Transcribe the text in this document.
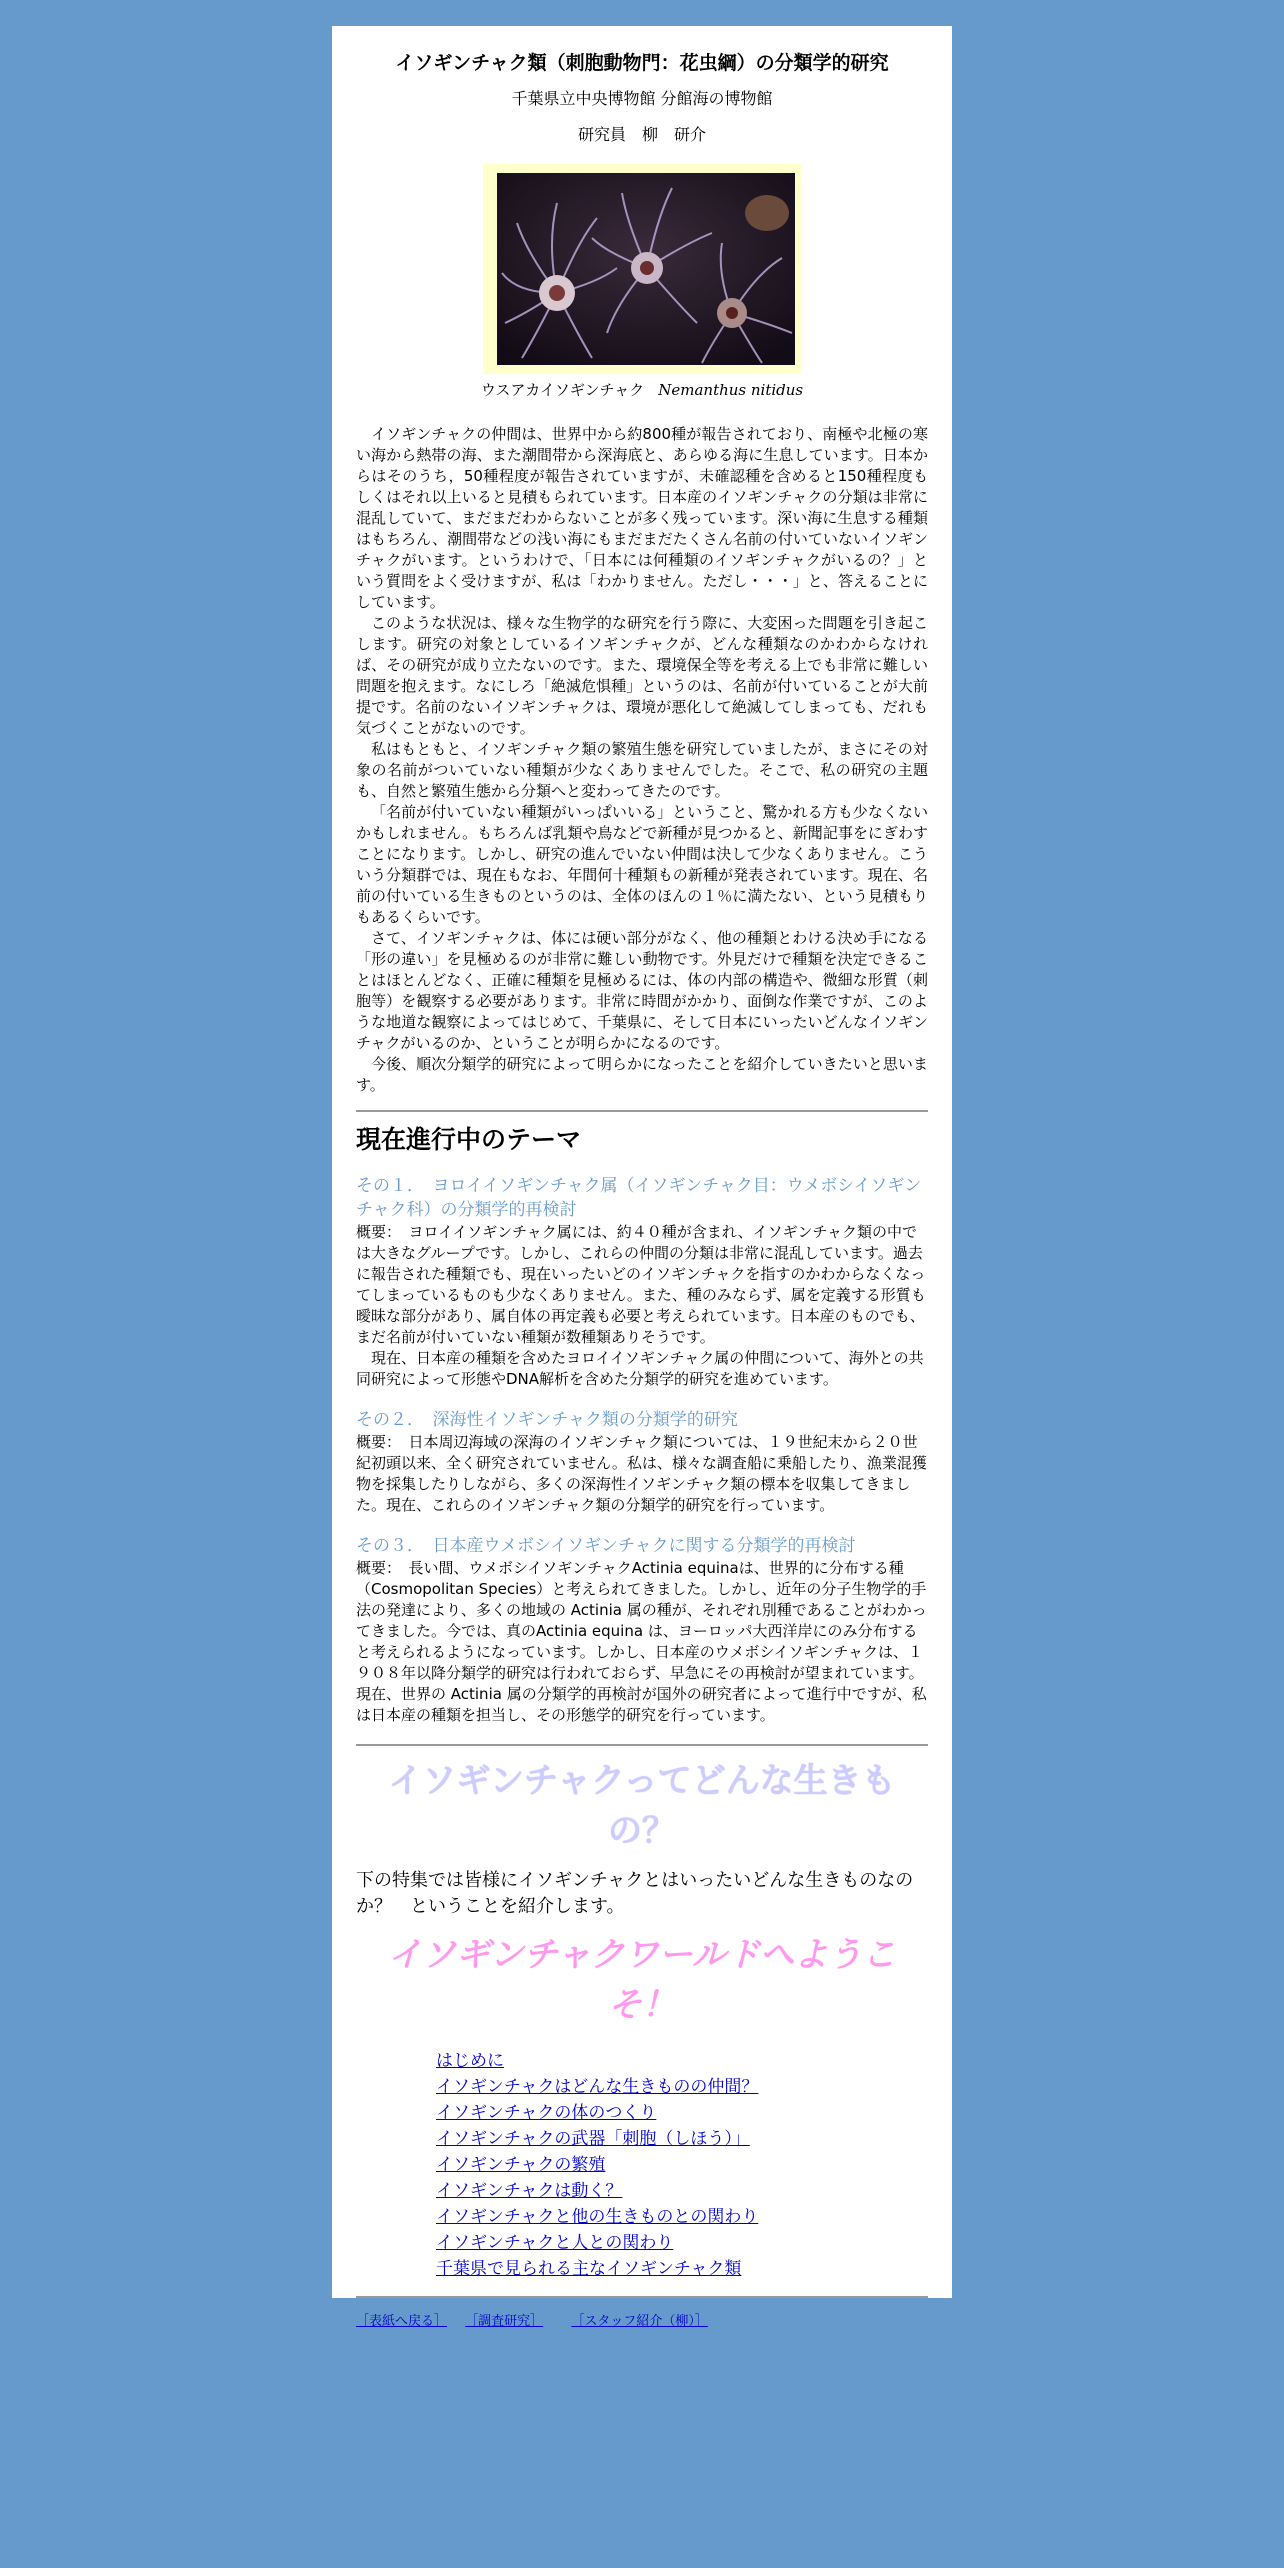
イソギンチャク類（刺胞動物門：花虫綱）の分類学的研究
千葉県立中央博物館 分館海の博物館
研究員　柳　研介
ウスアカイソギンチャク Nemanthus nitidus

イソギンチャクの仲間は、世界中から約800種が報告されており、南極や北極の寒い海から熱帯の海、また潮間帯から深海底と、あらゆる海に生息しています。日本からはそのうち，50種程度が報告されていますが、未確認種を含めると150種程度もしくはそれ以上いると見積もられています。日本産のイソギンチャクの分類は非常に混乱していて、まだまだわからないことが多く残っています。深い海に生息する種類はもちろん、潮間帯などの浅い海にもまだまだたくさん名前の付いていないイソギンチャクがいます。というわけで、「日本には何種類のイソギンチャクがいるの？」という質問をよく受けますが、私は「わかりません。ただし・・・」と、答えることにしています。

このような状況は、様々な生物学的な研究を行う際に、大変困った問題を引き起こします。研究の対象としているイソギンチャクが、どんな種類なのかわからなければ、その研究が成り立たないのです。また、環境保全等を考える上でも非常に難しい問題を抱えます。なにしろ「絶滅危惧種」というのは、名前が付いていることが大前提です。名前のないイソギンチャクは、環境が悪化して絶滅してしまっても、だれも気づくことがないのです。

私はもともと、イソギンチャク類の繁殖生態を研究していましたが、まさにその対象の名前がついていない種類が少なくありませんでした。そこで、私の研究の主題も、自然と繁殖生態から分類へと変わってきたのです。

「名前が付いていない種類がいっぱいいる」ということ、驚かれる方も少なくないかもしれません。もちろんば乳類や鳥などで新種が見つかると、新聞記事をにぎわすことになります。しかし、研究の進んでいない仲間は決して少なくありません。こういう分類群では、現在もなお、年間何十種類もの新種が発表されています。現在、名前の付いている生きものというのは、全体のほんの１％に満たない、という見積もりもあるくらいです。

さて、イソギンチャクは、体には硬い部分がなく、他の種類とわける決め手になる「形の違い」を見極めるのが非常に難しい動物です。外見だけで種類を決定できることはほとんどなく、正確に種類を見極めるには、体の内部の構造や、微細な形質（刺胞等）を観察する必要があります。非常に時間がかかり、面倒な作業ですが、このような地道な観察によってはじめて、千葉県に、そして日本にいったいどんなイソギンチャクがいるのか、ということが明らかになるのです。

今後、順次分類学的研究によって明らかになったことを紹介していきたいと思います。

現在進行中のテーマ
その１．　ヨロイイソギンチャク属（イソギンチャク目：ウメボシイソギンチャク科）の分類学的再検討
概要：　ヨロイイソギンチャク属には、約４０種が含まれ、イソギンチャク類の中では大きなグループです。しかし、これらの仲間の分類は非常に混乱しています。過去に報告された種類でも、現在いったいどのイソギンチャクを指すのかわからなくなってしまっているものも少なくありません。また、種のみならず、属を定義する形質も曖昧な部分があり、属自体の再定義も必要と考えられています。日本産のものでも、まだ名前が付いていない種類が数種類ありそうです。
　現在、日本産の種類を含めたヨロイイソギンチャク属の仲間について、海外との共同研究によって形態やDNA解析を含めた分類学的研究を進めています。
その２．　深海性イソギンチャク類の分類学的研究
概要：　日本周辺海域の深海のイソギンチャク類については、１９世紀末から２０世紀初頭以来、全く研究されていません。私は、様々な調査船に乗船したり、漁業混獲物を採集したりしながら、多くの深海性イソギンチャク類の標本を収集してきました。現在、これらのイソギンチャク類の分類学的研究を行っています。
その３．　日本産ウメボシイソギンチャクに関する分類学的再検討
概要：　長い間、ウメボシイソギンチャクActinia equinaは、世界的に分布する種（Cosmopolitan Species）と考えられてきました。しかし、近年の分子生物学的手法の発達により、多くの地域の Actinia 属の種が、それぞれ別種であることがわかってきました。今では、真のActinia equina は、ヨーロッパ大西洋岸にのみ分布すると考えられるようになっています。しかし、日本産のウメボシイソギンチャクは、１９０８年以降分類学的研究は行われておらず、早急にその再検討が望まれています。現在、世界の Actinia 属の分類学的再検討が国外の研究者によって進行中ですが、私は日本産の種類を担当し、その形態学的研究を行っています。
イソギンチャクってどんな生きもの？
下の特集では皆様にイソギンチャクとはいったいどんな生きものなのか？　ということを紹介します。
イソギンチャクワールドへようこそ！
はじめに
イソギンチャクはどんな生きものの仲間？
イソギンチャクの体のつくり
イソギンチャクの武器「刺胞（しほう）」
イソギンチャクの繁殖
イソギンチャクは動く？
イソギンチャクと他の生きものとの関わり
イソギンチャクと人との関わり
千葉県で見られる主なイソギンチャク類
［表紙へ戻る］ ［調査研究］ ［スタッフ紹介（柳）］
